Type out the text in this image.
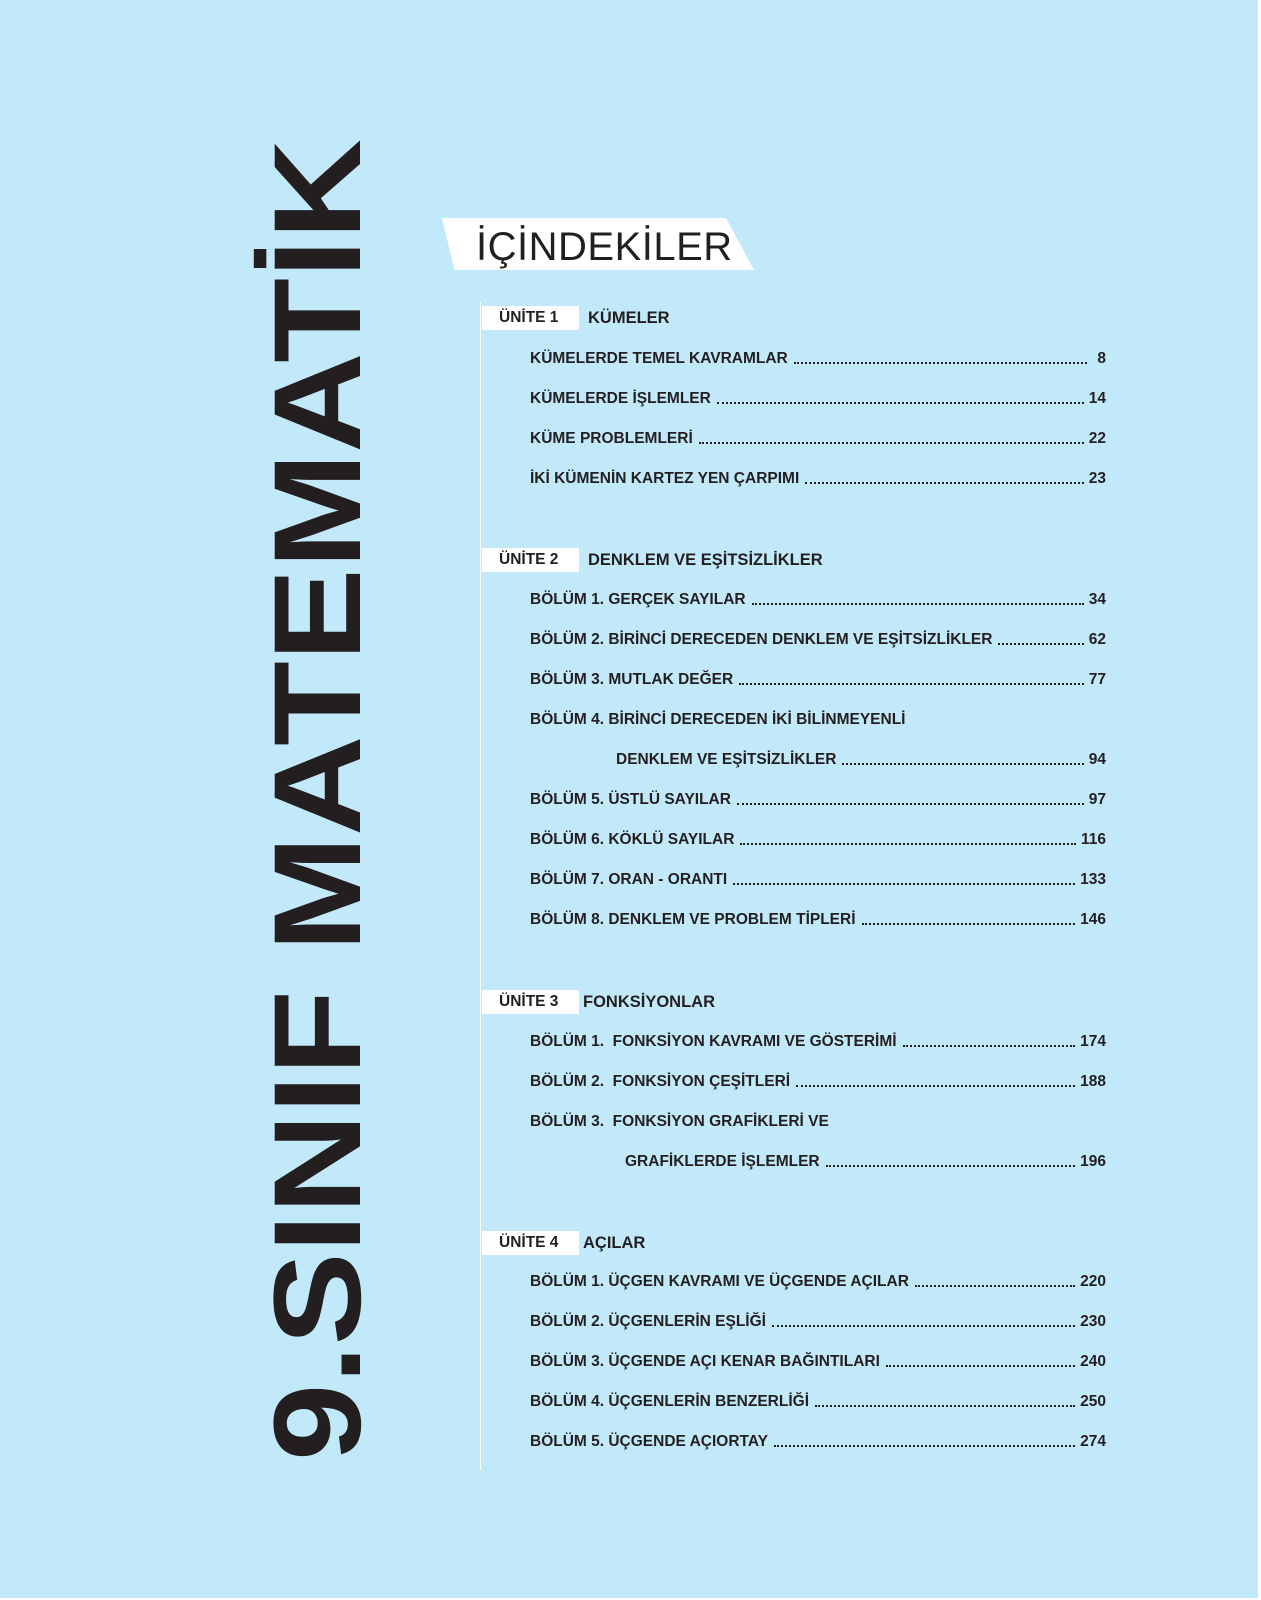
9.SINIF MATEMATİK İÇİNDEKİLER
ÜNİTE 1	KÜMELER
KÜMELERDE TEMEL KAVRAMLAR	8
KÜMELERDE İŞLEMLER	14
KÜME PROBLEMLERİ	22
İKİ KÜMENİN KARTEZ YEN ÇARPIMI	23
ÜNİTE 2	DENKLEM VE EŞİTSİZLİKLER
BÖLÜM 1. GERÇEK SAYILAR	34
BÖLÜM 2. BİRİNCİ DERECEDEN DENKLEM VE EŞİTSİZLİKLER	62
BÖLÜM 3. MUTLAK DEĞER	77
BÖLÜM 4. BİRİNCİ DERECEDEN İKİ BİLİNMEYENLİ
DENKLEM VE EŞİTSİZLİKLER	94
BÖLÜM 5. ÜSTLÜ SAYILAR	97
BÖLÜM 6. KÖKLÜ SAYILAR	116
BÖLÜM 7. ORAN - ORANTI	133
BÖLÜM 8. DENKLEM VE PROBLEM TİPLERİ	146
ÜNİTE 3	FONKSİYONLAR
BÖLÜM 1.  FONKSİYON KAVRAMI VE GÖSTERİMİ	174
BÖLÜM 2.  FONKSİYON ÇEŞİTLERİ	188
BÖLÜM 3.  FONKSİYON GRAFİKLERİ VE
GRAFİKLERDE İŞLEMLER	196
ÜNİTE 4	AÇILAR
BÖLÜM 1. ÜÇGEN KAVRAMI VE ÜÇGENDE AÇILAR	220
BÖLÜM 2. ÜÇGENLERİN EŞLİĞİ	230
BÖLÜM 3. ÜÇGENDE AÇI KENAR BAĞINTILARI	240
BÖLÜM 4. ÜÇGENLERİN BENZERLİĞİ	250
BÖLÜM 5. ÜÇGENDE AÇIORTAY	274
